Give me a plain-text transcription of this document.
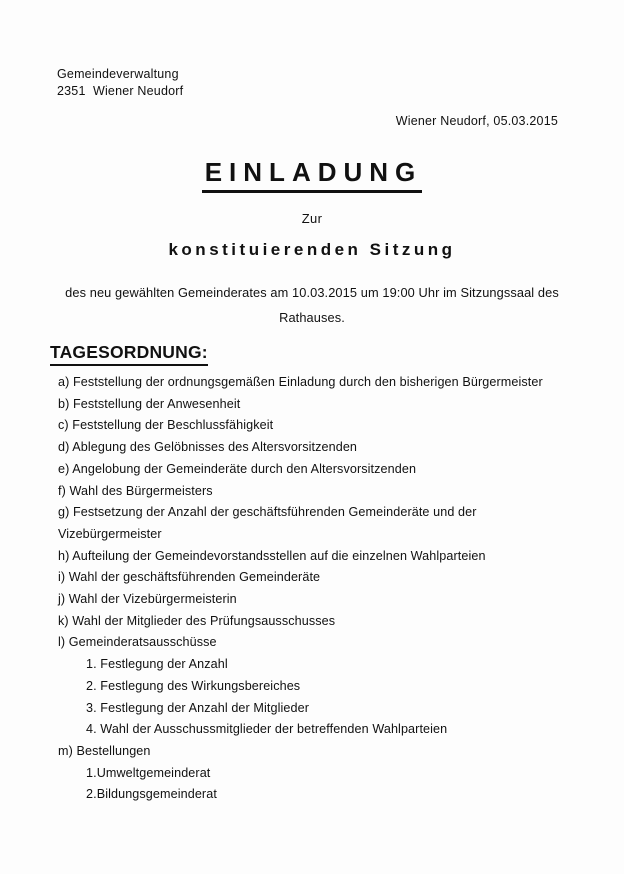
Gemeindeverwaltung
2351  Wiener Neudorf
Wiener Neudorf, 05.03.2015
EINLADUNG
Zur
konstituierenden Sitzung
des neu gewählten Gemeinderates am 10.03.2015 um 19:00 Uhr im Sitzungssaal des Rathauses.
TAGESORDNUNG:
a) Feststellung der ordnungsgemäßen Einladung durch den bisherigen Bürgermeister
b) Feststellung der Anwesenheit
c) Feststellung der Beschlussfähigkeit
d) Ablegung des Gelöbnisses des Altersvorsitzenden
e) Angelobung der Gemeinderäte durch den Altersvorsitzenden
f) Wahl des Bürgermeisters
g) Festsetzung der Anzahl der geschäftsführenden Gemeinderäte und der Vizebürgermeister
h) Aufteilung der Gemeindevorstandsstellen auf die einzelnen Wahlparteien
i) Wahl der geschäftsführenden Gemeinderäte
j) Wahl der Vizebürgermeisterin
k) Wahl der Mitglieder des Prüfungsausschusses
l) Gemeinderatsausschüsse
1. Festlegung der Anzahl
2. Festlegung des Wirkungsbereiches
3. Festlegung der Anzahl der Mitglieder
4. Wahl der Ausschussmitglieder der betreffenden Wahlparteien
m) Bestellungen
1.Umweltgemeinderat
2.Bildungsgemeinderat
